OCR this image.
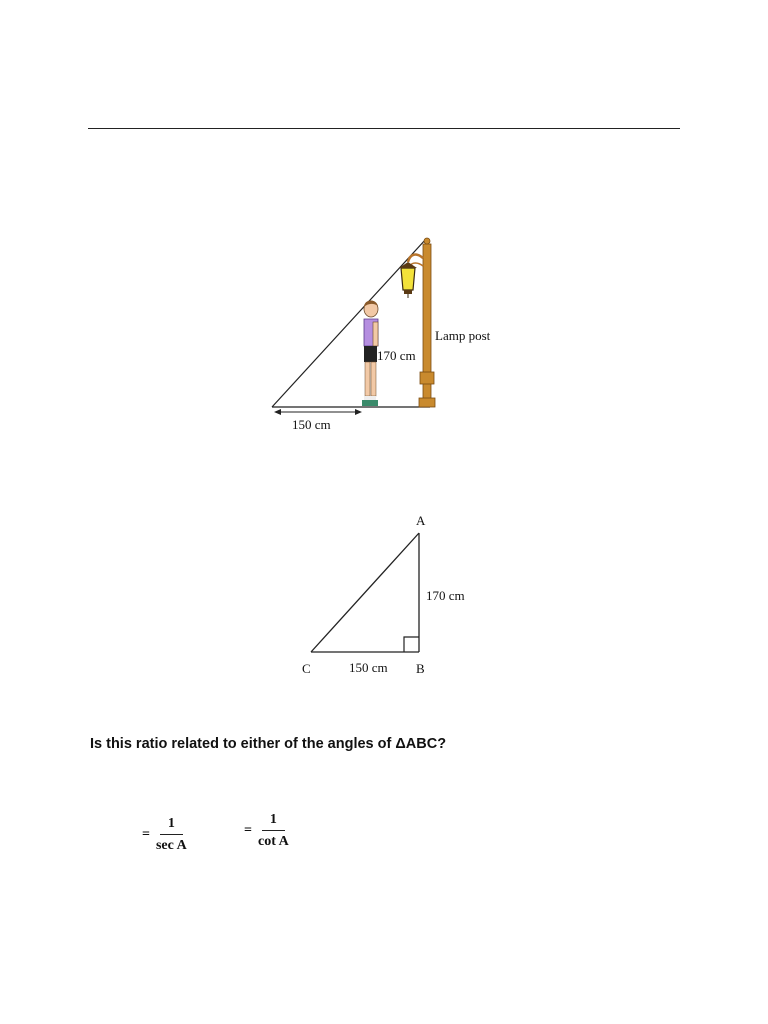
150 cm
170 cm
Lamp post
A
B
C
170 cm
150 cm
Is this ratio related to either of the angles of ΔABC?
= $\frac{1}{\text{sec A}}$	= $\frac{1}{\text{cot A}}$
